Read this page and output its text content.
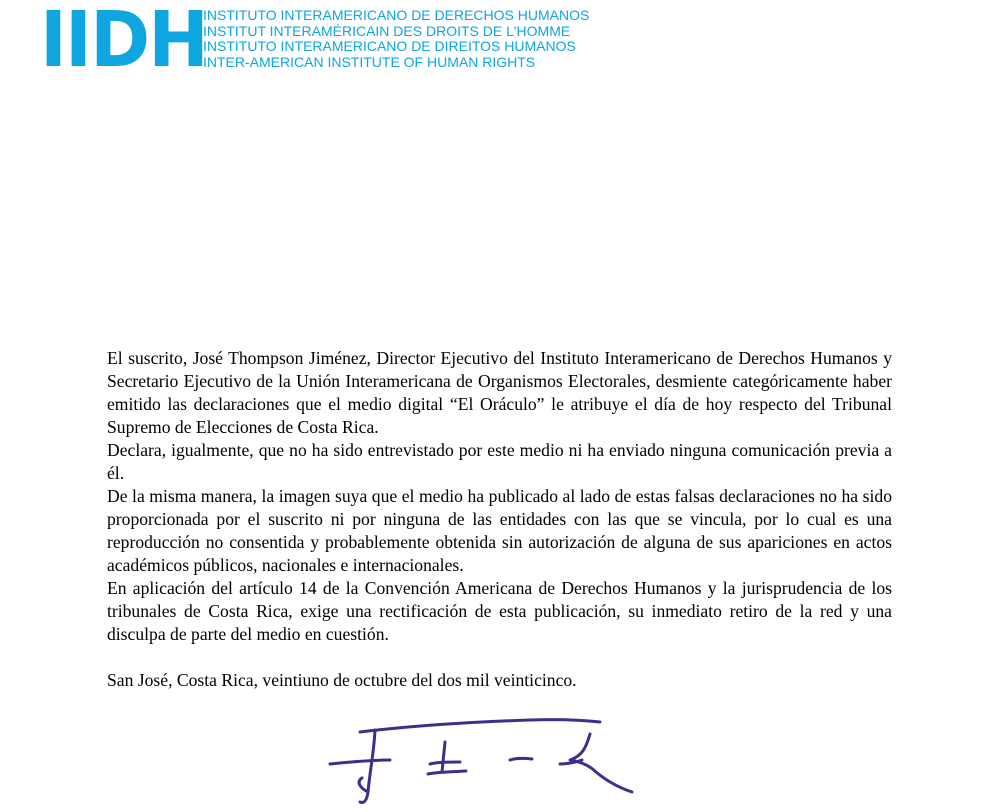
IIDH
INSTITUTO INTERAMERICANO DE DERECHOS HUMANOS
INSTITUT INTERAMÉRICAIN DES DROITS DE L'HOMME
INSTITUTO INTERAMERICANO DE DIREITOS HUMANOS
INTER-AMERICAN INSTITUTE OF HUMAN RIGHTS

El suscrito, José Thompson Jiménez, Director Ejecutivo del Instituto Interamericano de Derechos Humanos y Secretario Ejecutivo de la Unión Interamericana de Organismos Electorales, desmiente categóricamente haber emitido las declaraciones que el medio digital “El Oráculo” le atribuye el día de hoy respecto del Tribunal Supremo de Elecciones de Costa Rica.

Declara, igualmente, que no ha sido entrevistado por este medio ni ha enviado ninguna comunicación previa a él.

De la misma manera, la imagen suya que el medio ha publicado al lado de estas falsas declaraciones no ha sido proporcionada por el suscrito ni por ninguna de las entidades con las que se vincula, por lo cual es una reproducción no consentida y probablemente obtenida sin autorización de alguna de sus apariciones en actos académicos públicos, nacionales e internacionales.

En aplicación del artículo 14 de la Convención Americana de Derechos Humanos y la jurisprudencia de los tribunales de Costa Rica, exige una rectificación de esta publicación, su inmediato retiro de la red y una disculpa de parte del medio en cuestión.

San José, Costa Rica, veintiuno de octubre del dos mil veinticinco.
